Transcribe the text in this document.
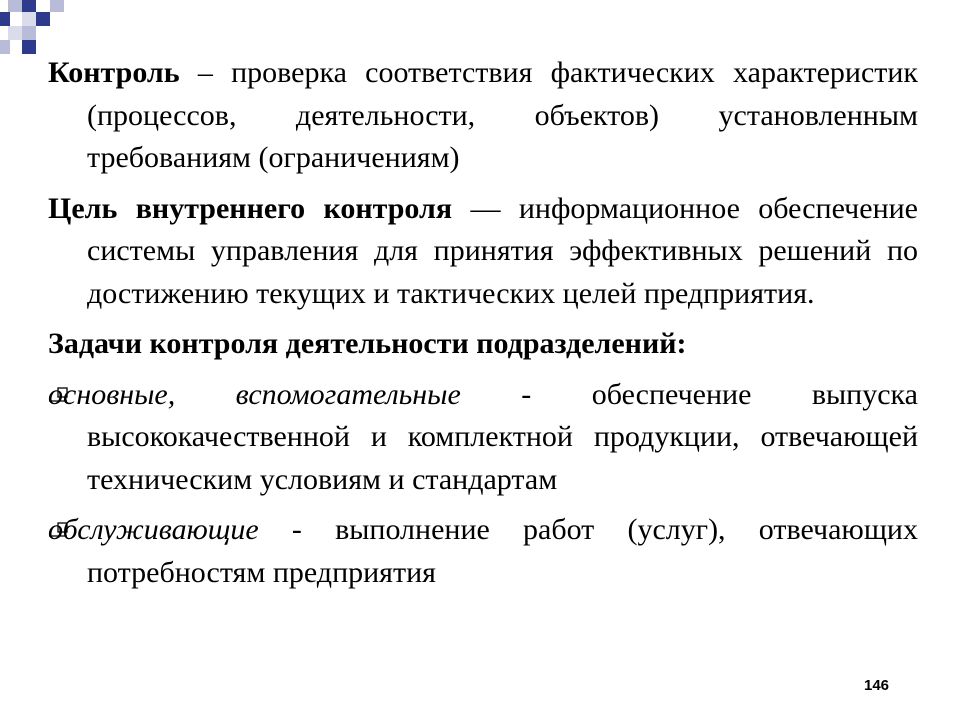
Контроль – проверка соответствия фактических характеристик (процессов, деятельности, объектов) установленным требованиям (ограничениям)

Цель внутреннего контроля — информационное обеспечение системы управления для принятия эффективных решений по достижению текущих и тактических целей предприятия.

Задачи контроля деятельности подразделений:

основные, вспомогательные - обеспечение выпуска высококачественной и комплектной продукции, отвечающей техническим условиям и стандартам

обслуживающие - выполнение работ (услуг), отвечающих потребностям предприятия

146
